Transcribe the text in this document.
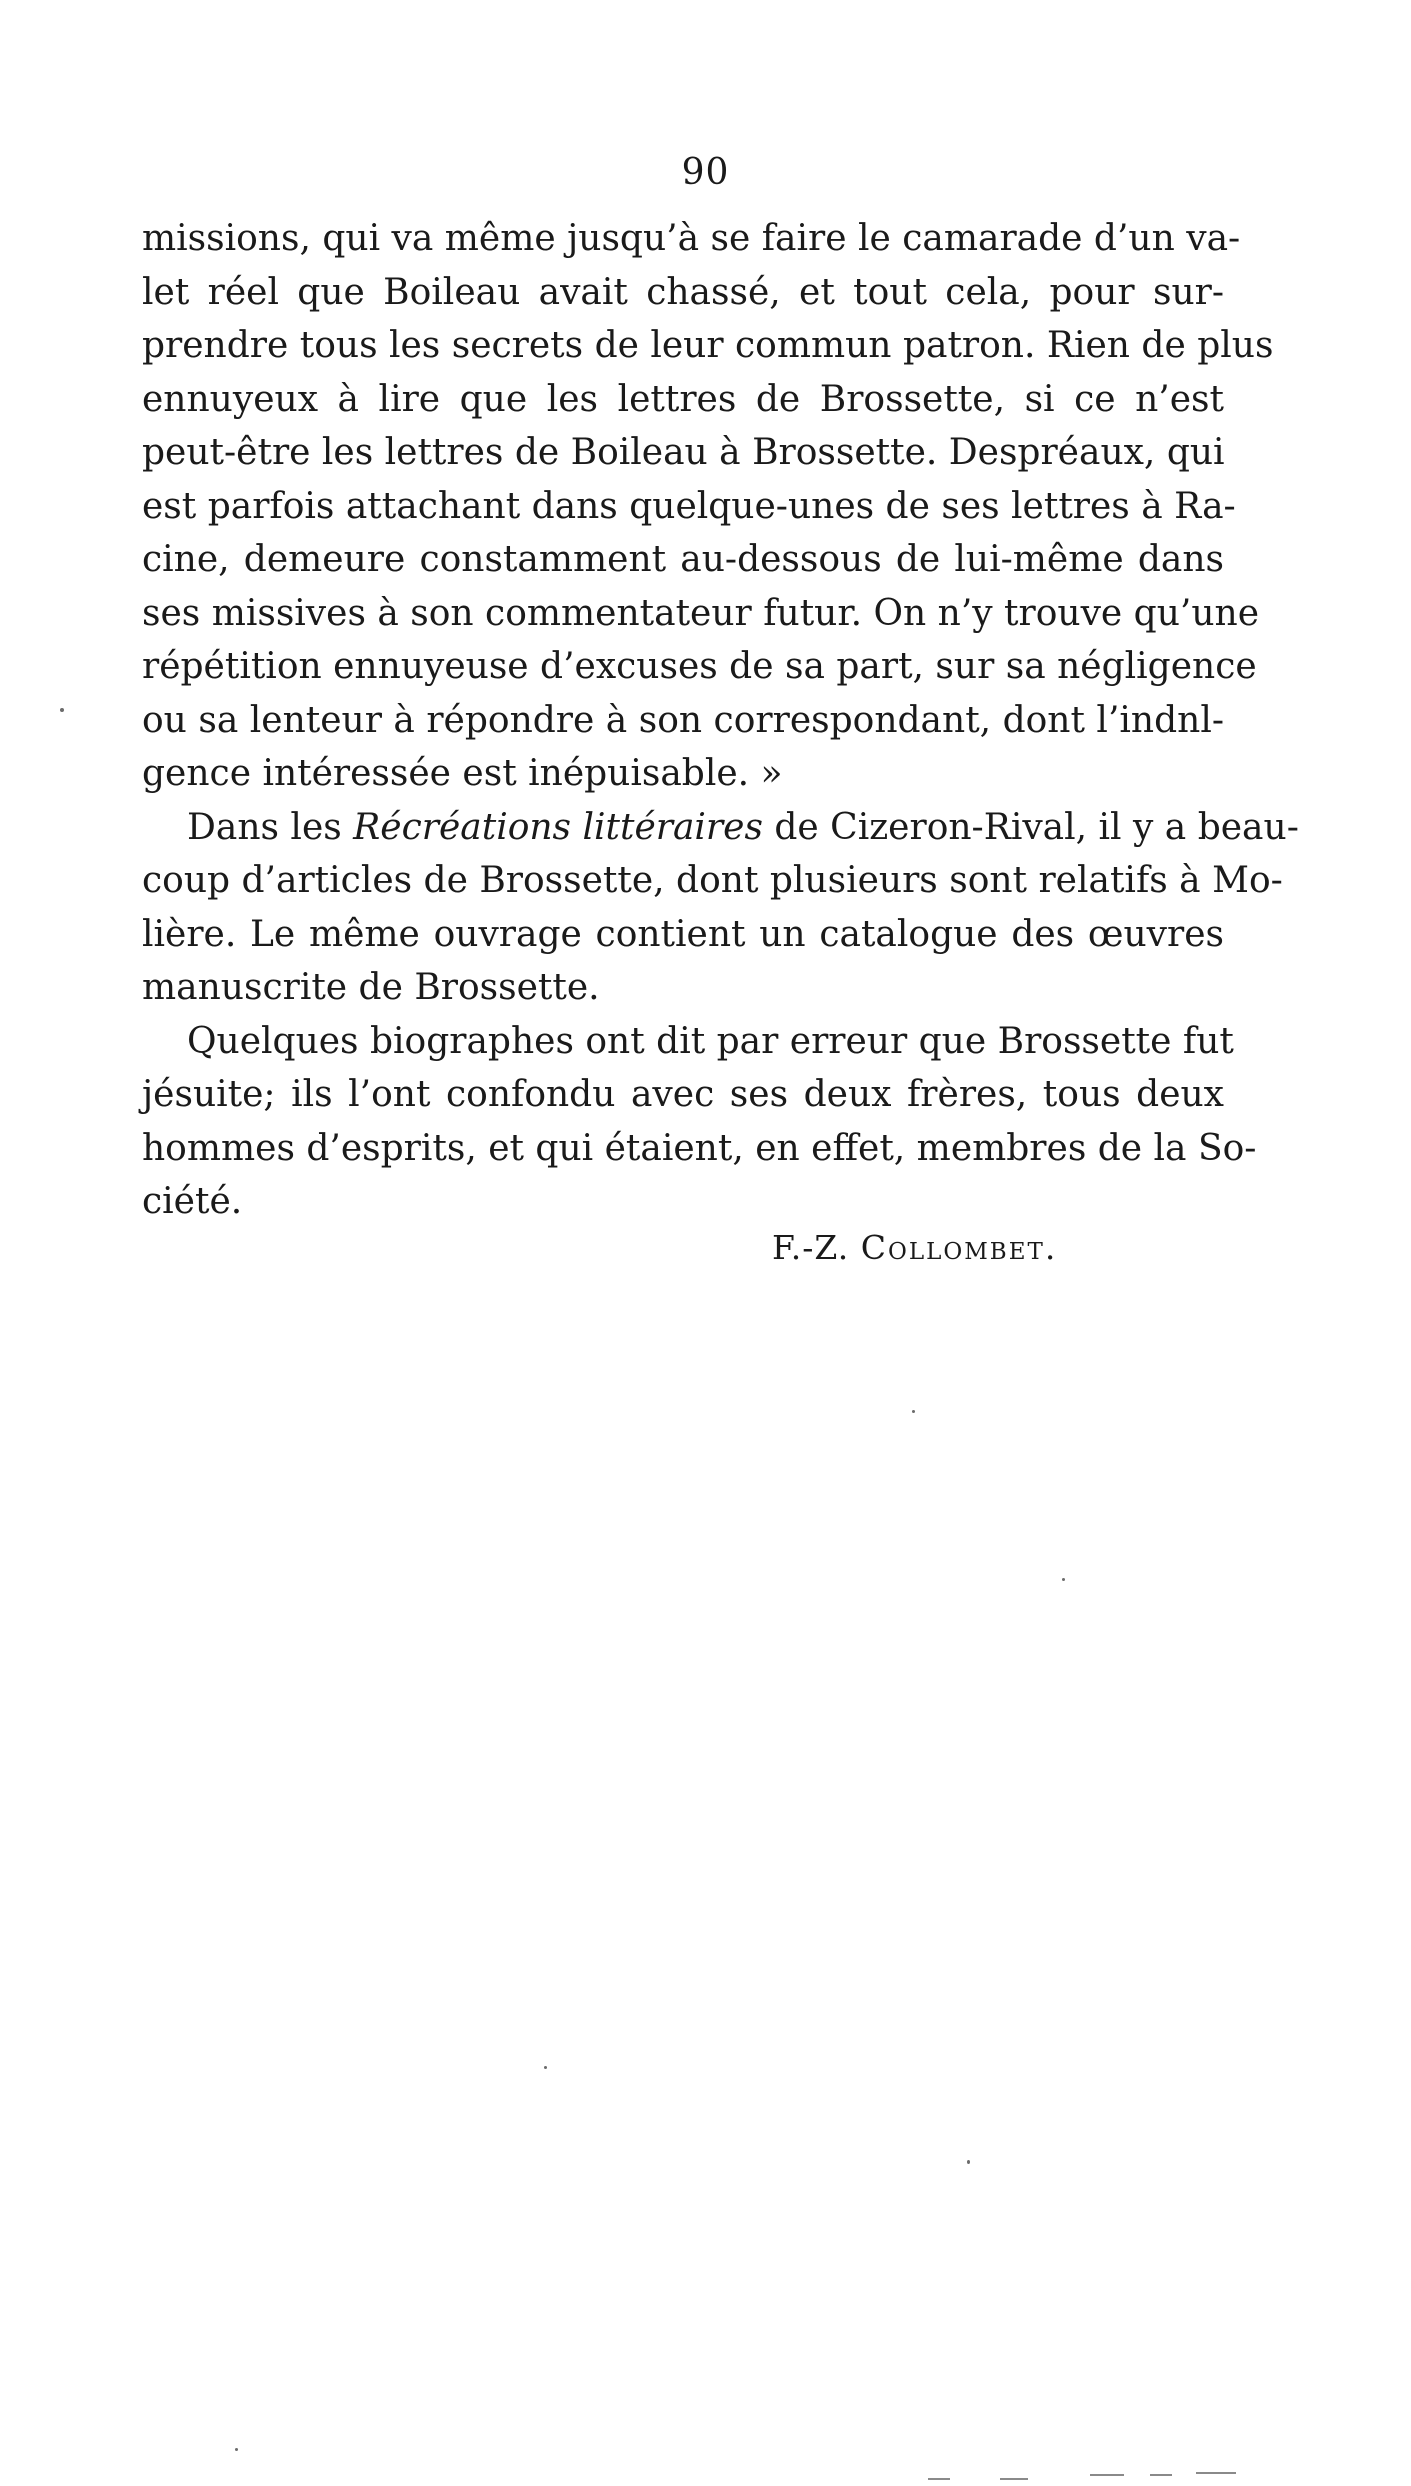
90
missions, qui va même jusqu’à se faire le camarade d’un va-
let réel que Boileau avait chassé, et tout cela, pour sur-
prendre tous les secrets de leur commun patron. Rien de plus
ennuyeux à lire que les lettres de Brossette, si ce n’est
peut-être les lettres de Boileau à Brossette. Despréaux, qui
est parfois attachant dans quelque-unes de ses lettres à Ra-
cine, demeure constamment au-dessous de lui-même dans
ses missives à son commentateur futur. On n’y trouve qu’une
répétition ennuyeuse d’excuses de sa part, sur sa négligence
ou sa lenteur à répondre à son correspondant, dont l’indnl-
gence intéressée est inépuisable. »
Dans les Récréations littéraires de Cizeron-Rival, il y a beau-
coup d’articles de Brossette, dont plusieurs sont relatifs à Mo-
lière. Le même ouvrage contient un catalogue des œuvres
manuscrite de Brossette.
Quelques biographes ont dit par erreur que Brossette fut
jésuite; ils l’ont confondu avec ses deux frères, tous deux
hommes d’esprits, et qui étaient, en effet, membres de la So-
ciété.
F.-Z. Collombet.
